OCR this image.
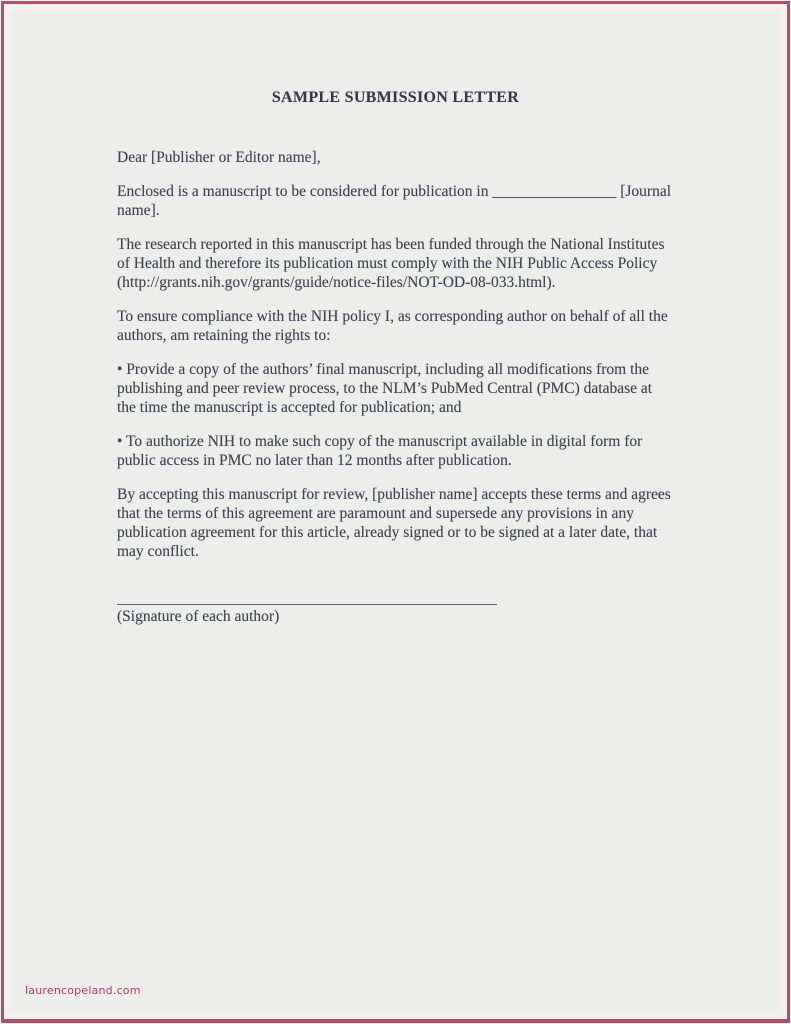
SAMPLE SUBMISSION LETTER

Dear [Publisher or Editor name],

Enclosed is a manuscript to be considered for publication in ________________ [Journal name].

The research reported in this manuscript has been funded through the National Institutes of Health and therefore its publication must comply with the NIH Public Access Policy (http://grants.nih.gov/grants/guide/notice-files/NOT-OD-08-033.html).

To ensure compliance with the NIH policy I, as corresponding author on behalf of all the authors, am retaining the rights to:

• Provide a copy of the authors’ final manuscript, including all modifications from the publishing and peer review process, to the NLM’s PubMed Central (PMC) database at the time the manuscript is accepted for publication; and

• To authorize NIH to make such copy of the manuscript available in digital form for public access in PMC no later than 12 months after publication.

By accepting this manuscript for review, [publisher name] accepts these terms and agrees that the terms of this agreement are paramount and supersede any provisions in any publication agreement for this article, already signed or to be signed at a later date, that may conflict.

(Signature of each author)

laurencopeland.com
